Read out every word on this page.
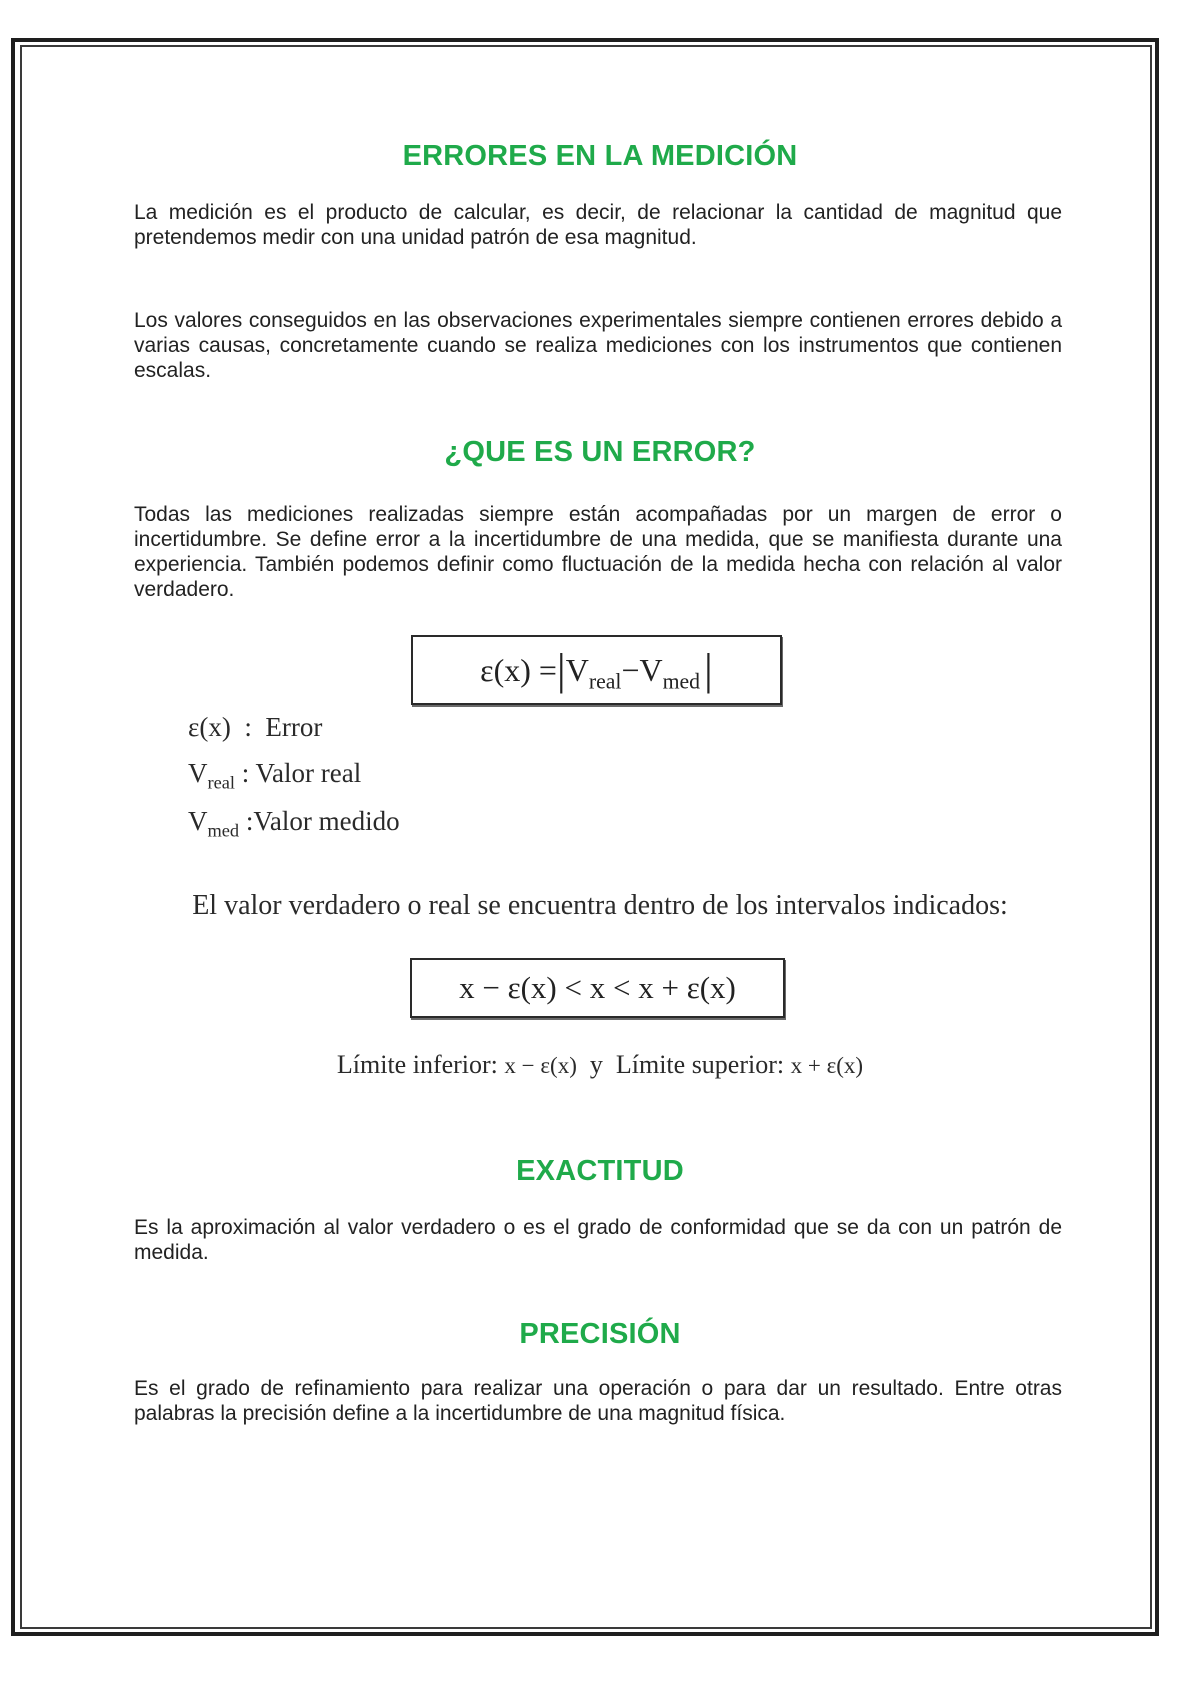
ERRORES EN LA MEDICIÓN

La medición es el producto de calcular, es decir, de relacionar la cantidad de magnitud que pretendemos medir con una unidad patrón de esa magnitud.

Los valores conseguidos en las observaciones experimentales siempre contienen errores debido a varias causas, concretamente cuando se realiza mediciones con los instrumentos que contienen escalas.

¿QUE ES UN ERROR?

Todas las mediciones realizadas siempre están acompañadas por un margen de error o incertidumbre. Se define error a la incertidumbre de una medida, que se manifiesta durante una experiencia. También podemos definir como fluctuación de la medida hecha con relación al valor verdadero.

ε(x) = | $V_{real} - V_{med}$ |
ε(x)  :  Error
$V_{real}$ : Valor real
$V_{med}$ :Valor medido
El valor verdadero o real se encuentra dentro de los intervalos indicados:
x − ε(x) < x < x + ε(x)
Límite inferior: x − ε(x) y Límite superior: x + ε(x)
EXACTITUD

Es la aproximación al valor verdadero o es el grado de conformidad que se da con un patrón de medida.

PRECISIÓN

Es el grado de refinamiento para realizar una operación o para dar un resultado. Entre otras palabras la precisión define a la incertidumbre de una magnitud física.
